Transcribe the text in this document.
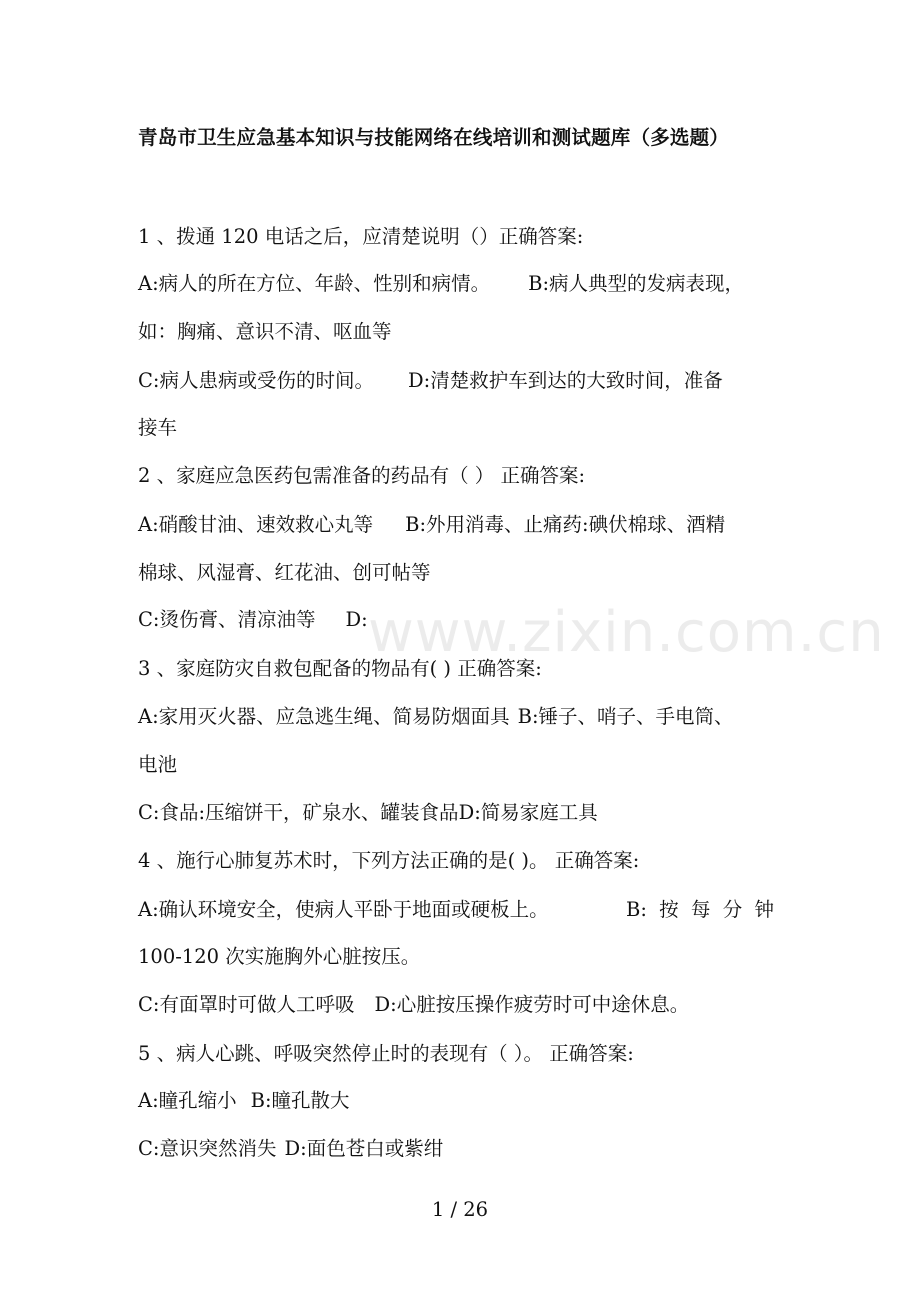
青岛市卫生应急基本知识与技能网络在线培训和测试题库（多选题）
1 、拨通 120 电话之后，应清楚说明（）正确答案:
A:病人的所在方位、年龄、性别和病情。 B:病人典型的发病表现，
如：胸痛、意识不清、呕血等
C:病人患病或受伤的时间。 D:清楚救护车到达的大致时间，准备
接车
2 、家庭应急医药包需准备的药品有（ ） 正确答案:
A:硝酸甘油、速效救心丸等 B:外用消毒、止痛药:碘伏棉球、酒精
棉球、风湿膏、红花油、创可帖等
C:烫伤膏、清凉油等 D:
3 、家庭防灾自救包配备的物品有( ) 正确答案:
A:家用灭火器、应急逃生绳、简易防烟面具 B:锤子、哨子、手电筒、
电池
C:食品:压缩饼干，矿泉水、罐装食品D:简易家庭工具
4 、施行心肺复苏术时，下列方法正确的是( )。 正确答案:
A:确认环境安全，使病人平卧于地面或硬板上。	B: 按 每 分 钟
100-120 次实施胸外心脏按压。
C:有面罩时可做人工呼吸 D:心脏按压操作疲劳时可中途休息。
5 、病人心跳、呼吸突然停止时的表现有（ ）。 正确答案:
A:瞳孔缩小 B:瞳孔散大
C:意识突然消失 D:面色苍白或紫绀
www.zixin.com.cn
1 / 26
